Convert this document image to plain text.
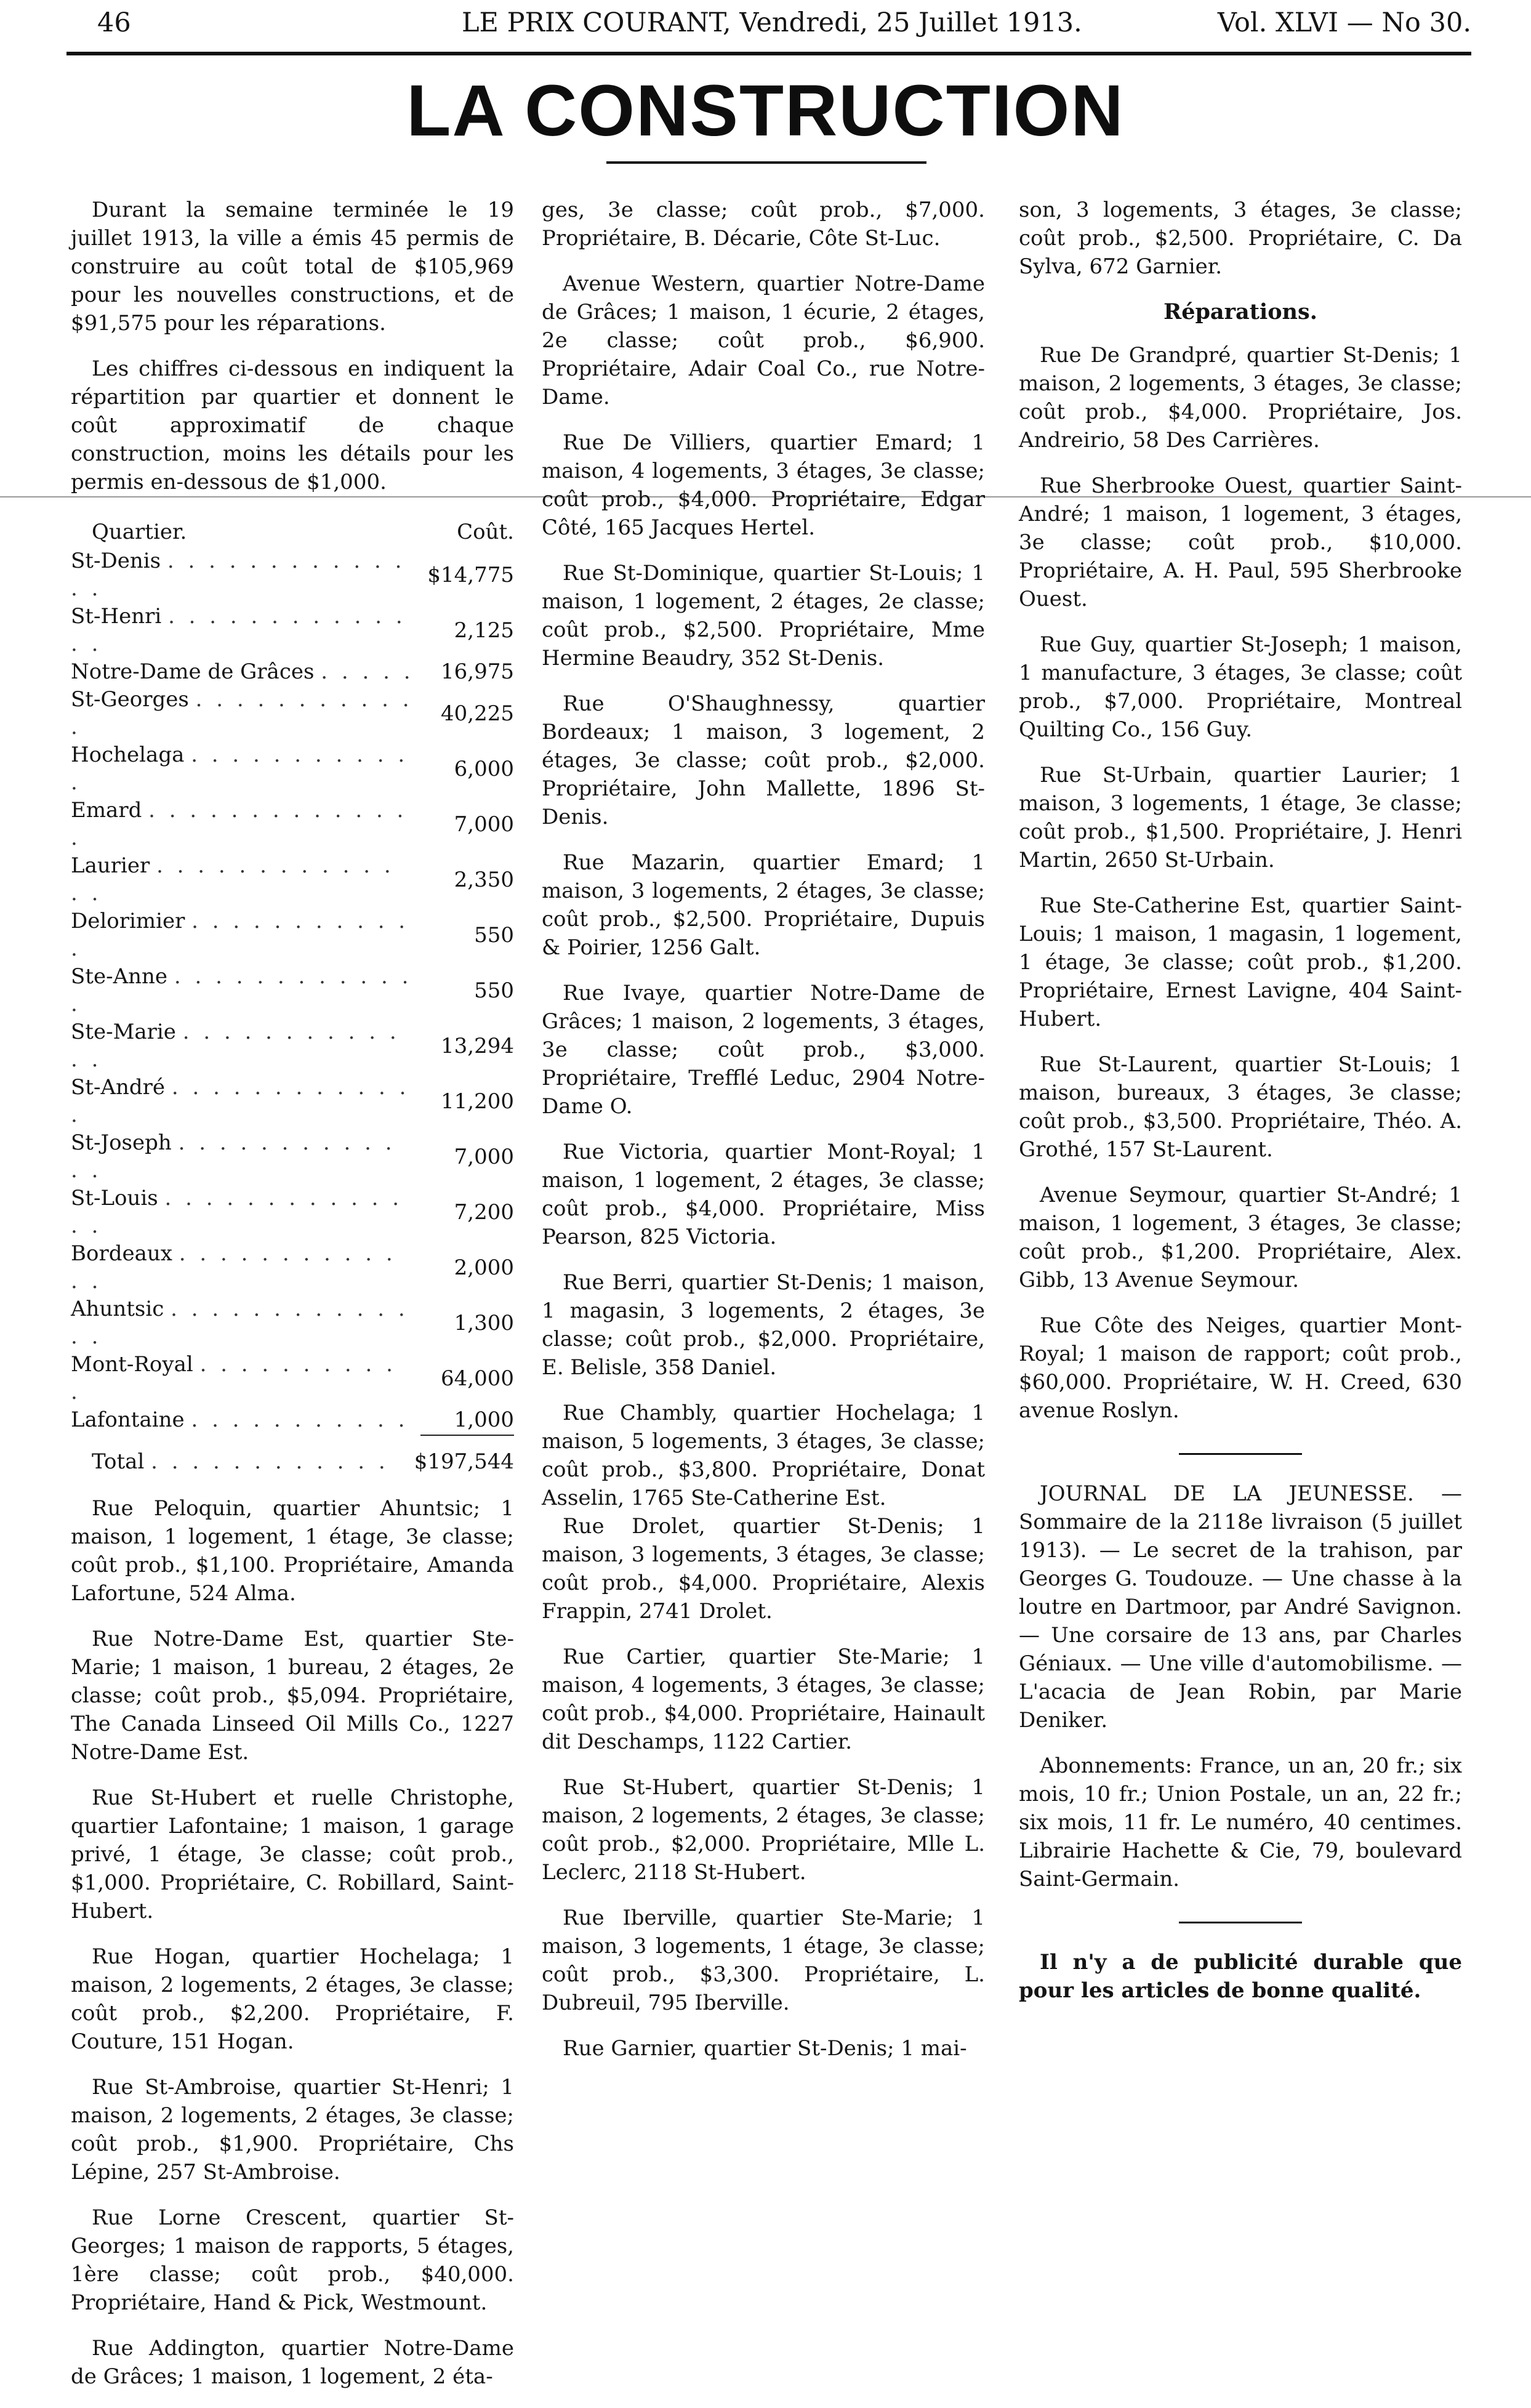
46	LE PRIX COURANT, Vendredi, 25 Juillet 1913.	Vol. XLVI — No 30.
LA CONSTRUCTION

Durant la semaine terminée le 19 juillet 1913, la ville a émis 45 permis de construire au coût total de $105,969 pour les nouvelles constructions, et de $91,575 pour les réparations.

Les chiffres ci-dessous en indiquent la répartition par quartier et donnent le coût approximatif de chaque construction, moins les détails pour les permis en-dessous de $1,000.

Quartier.	Coût.
St-Denis . . . . . . . . . . . . . .	$14,775
St-Henri . . . . . . . . . . . . . .	2,125
Notre-Dame de Grâces . . . . .	16,975
St-Georges . . . . . . . . . . . .	40,225
Hochelaga . . . . . . . . . . . .	6,000
Emard . . . . . . . . . . . . . .	7,000
Laurier . . . . . . . . . . . . . .	2,350
Delorimier . . . . . . . . . . . .	550
Ste-Anne . . . . . . . . . . . . .	550
Ste-Marie . . . . . . . . . . . . .	13,294
St-André . . . . . . . . . . . . .	11,200
St-Joseph . . . . . . . . . . . . .	7,000
St-Louis . . . . . . . . . . . . . .	7,200
Bordeaux . . . . . . . . . . . . .	2,000
Ahuntsic . . . . . . . . . . . . . .	1,300
Mont-Royal . . . . . . . . . . .	64,000
Lafontaine . . . . . . . . . . .	1,000

Total . . . . . . . . . . . .	$197,544

Rue Peloquin, quartier Ahuntsic; 1 maison, 1 logement, 1 étage, 3e classe; coût prob., $1,100. Propriétaire, Amanda Lafortune, 524 Alma.

Rue Notre-Dame Est, quartier Ste-Marie; 1 maison, 1 bureau, 2 étages, 2e classe; coût prob., $5,094. Propriétaire, The Canada Linseed Oil Mills Co., 1227 Notre-Dame Est.

Rue St-Hubert et ruelle Christophe, quartier Lafontaine; 1 maison, 1 garage privé, 1 étage, 3e classe; coût prob., $1,000. Propriétaire, C. Robillard, Saint-Hubert.

Rue Hogan, quartier Hochelaga; 1 maison, 2 logements, 2 étages, 3e classe; coût prob., $2,200. Propriétaire, F. Couture, 151 Hogan.

Rue St-Ambroise, quartier St-Henri; 1 maison, 2 logements, 2 étages, 3e classe; coût prob., $1,900. Propriétaire, Chs Lépine, 257 St-Ambroise.

Rue Lorne Crescent, quartier St-Georges; 1 maison de rapports, 5 étages, 1ère classe; coût prob., $40,000. Propriétaire, Hand & Pick, Westmount.

Rue Addington, quartier Notre-Dame de Grâces; 1 maison, 1 logement, 2 éta-

ges, 3e classe; coût prob., $7,000. Propriétaire, B. Décarie, Côte St-Luc.

Avenue Western, quartier Notre-Dame de Grâces; 1 maison, 1 écurie, 2 étages, 2e classe; coût prob., $6,900. Propriétaire, Adair Coal Co., rue Notre-Dame.

Rue De Villiers, quartier Emard; 1 maison, 4 logements, 3 étages, 3e classe; coût prob., $4,000. Propriétaire, Edgar Côté, 165 Jacques Hertel.

Rue St-Dominique, quartier St-Louis; 1 maison, 1 logement, 2 étages, 2e classe; coût prob., $2,500. Propriétaire, Mme Hermine Beaudry, 352 St-Denis.

Rue O'Shaughnessy, quartier Bordeaux; 1 maison, 3 logement, 2 étages, 3e classe; coût prob., $2,000. Propriétaire, John Mallette, 1896 St-Denis.

Rue Mazarin, quartier Emard; 1 maison, 3 logements, 2 étages, 3e classe; coût prob., $2,500. Propriétaire, Dupuis & Poirier, 1256 Galt.

Rue Ivaye, quartier Notre-Dame de Grâces; 1 maison, 2 logements, 3 étages, 3e classe; coût prob., $3,000. Propriétaire, Trefflé Leduc, 2904 Notre-Dame O.

Rue Victoria, quartier Mont-Royal; 1 maison, 1 logement, 2 étages, 3e classe; coût prob., $4,000. Propriétaire, Miss Pearson, 825 Victoria.

Rue Berri, quartier St-Denis; 1 maison, 1 magasin, 3 logements, 2 étages, 3e classe; coût prob., $2,000. Propriétaire, E. Belisle, 358 Daniel.

Rue Chambly, quartier Hochelaga; 1 maison, 5 logements, 3 étages, 3e classe; coût prob., $3,800. Propriétaire, Donat Asselin, 1765 Ste-Catherine Est.

Rue Drolet, quartier St-Denis; 1 maison, 3 logements, 3 étages, 3e classe; coût prob., $4,000. Propriétaire, Alexis Frappin, 2741 Drolet.

Rue Cartier, quartier Ste-Marie; 1 maison, 4 logements, 3 étages, 3e classe; coût prob., $4,000. Propriétaire, Hainault dit Deschamps, 1122 Cartier.

Rue St-Hubert, quartier St-Denis; 1 maison, 2 logements, 2 étages, 3e classe; coût prob., $2,000. Propriétaire, Mlle L. Leclerc, 2118 St-Hubert.

Rue Iberville, quartier Ste-Marie; 1 maison, 3 logements, 1 étage, 3e classe; coût prob., $3,300. Propriétaire, L. Dubreuil, 795 Iberville.

Rue Garnier, quartier St-Denis; 1 mai-

son, 3 logements, 3 étages, 3e classe; coût prob., $2,500. Propriétaire, C. Da Sylva, 672 Garnier.

Réparations.

Rue De Grandpré, quartier St-Denis; 1 maison, 2 logements, 3 étages, 3e classe; coût prob., $4,000. Propriétaire, Jos. Andreirio, 58 Des Carrières.

Rue Sherbrooke Ouest, quartier Saint-André; 1 maison, 1 logement, 3 étages, 3e classe; coût prob., $10,000. Propriétaire, A. H. Paul, 595 Sherbrooke Ouest.

Rue Guy, quartier St-Joseph; 1 maison, 1 manufacture, 3 étages, 3e classe; coût prob., $7,000. Propriétaire, Montreal Quilting Co., 156 Guy.

Rue St-Urbain, quartier Laurier; 1 maison, 3 logements, 1 étage, 3e classe; coût prob., $1,500. Propriétaire, J. Henri Martin, 2650 St-Urbain.

Rue Ste-Catherine Est, quartier Saint-Louis; 1 maison, 1 magasin, 1 logement, 1 étage, 3e classe; coût prob., $1,200. Propriétaire, Ernest Lavigne, 404 Saint-Hubert.

Rue St-Laurent, quartier St-Louis; 1 maison, bureaux, 3 étages, 3e classe; coût prob., $3,500. Propriétaire, Théo. A. Grothé, 157 St-Laurent.

Avenue Seymour, quartier St-André; 1 maison, 1 logement, 3 étages, 3e classe; coût prob., $1,200. Propriétaire, Alex. Gibb, 13 Avenue Seymour.

Rue Côte des Neiges, quartier Mont-Royal; 1 maison de rapport; coût prob., $60,000. Propriétaire, W. H. Creed, 630 avenue Roslyn.

JOURNAL DE LA JEUNESSE. — Sommaire de la 2118e livraison (5 juillet 1913). — Le secret de la trahison, par Georges G. Toudouze. — Une chasse à la loutre en Dartmoor, par André Savignon. — Une corsaire de 13 ans, par Charles Géniaux. — Une ville d'automobilisme. — L'acacia de Jean Robin, par Marie Deniker.

Abonnements: France, un an, 20 fr.; six mois, 10 fr.; Union Postale, un an, 22 fr.; six mois, 11 fr. Le numéro, 40 centimes. Librairie Hachette & Cie, 79, boulevard Saint-Germain.

Il n'y a de publicité durable que pour les articles de bonne qualité.
